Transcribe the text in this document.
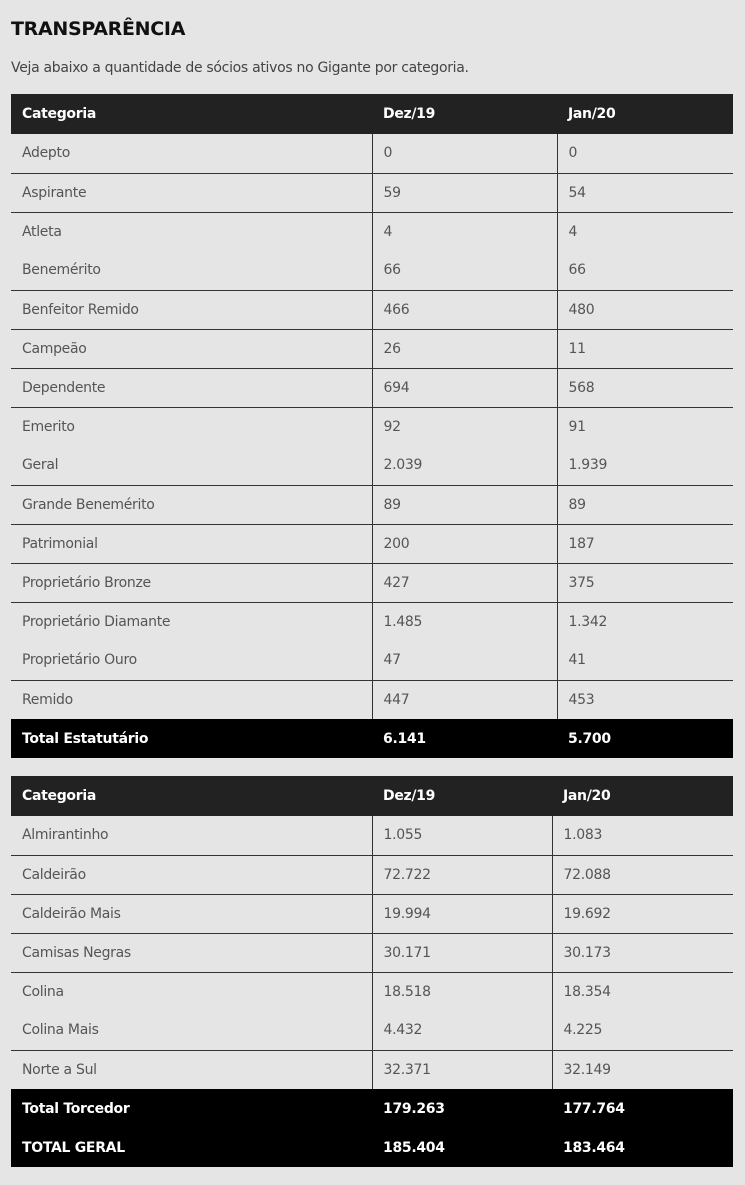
TRANSPARÊNCIA

Veja abaixo a quantidade de sócios ativos no Gigante por categoria.

Categoria	Dez/19	Jan/20
Adepto	0	0
Aspirante	59	54
Atleta	4	4
Benemérito	66	66
Benfeitor Remido	466	480
Campeão	26	11
Dependente	694	568
Emerito	92	91
Geral	2.039	1.939
Grande Benemérito	89	89
Patrimonial	200	187
Proprietário Bronze	427	375
Proprietário Diamante	1.485	1.342
Proprietário Ouro	47	41
Remido	447	453
Total Estatutário	6.141	5.700
Categoria	Dez/19	Jan/20
Almirantinho	1.055	1.083
Caldeirão	72.722	72.088
Caldeirão Mais	19.994	19.692
Camisas Negras	30.171	30.173
Colina	18.518	18.354
Colina Mais	4.432	4.225
Norte a Sul	32.371	32.149
Total Torcedor	179.263	177.764
TOTAL GERAL	185.404	183.464
